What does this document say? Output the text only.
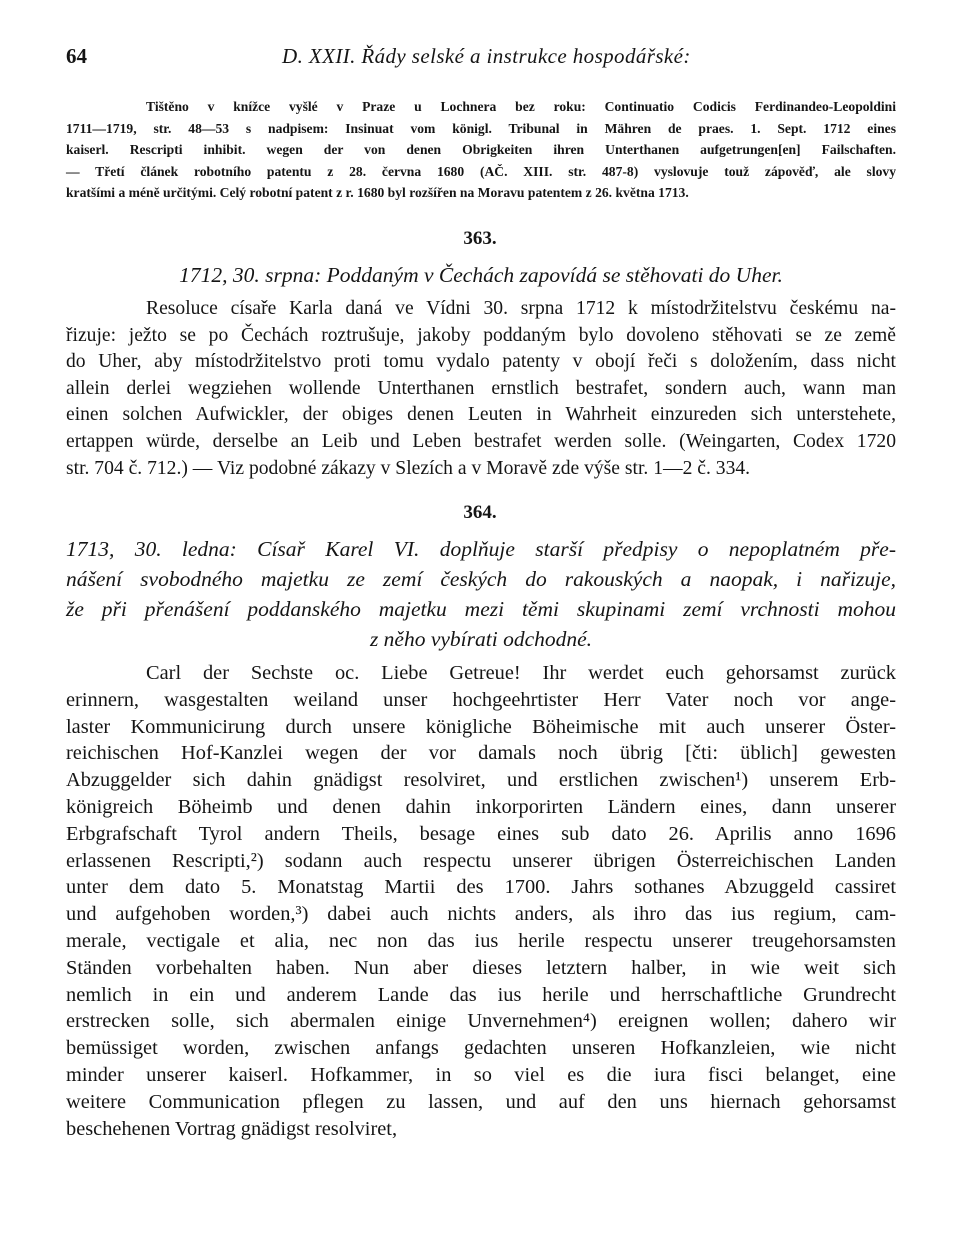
64	D. XXII. Řády selské a instrukce hospodářské:
Tištěno v knížce vyšlé v Praze u Lochnera bez roku: Continuatio Codicis Ferdinandeo-Leopoldini
1711—1719, str. 48—53 s nadpisem: Insinuat vom königl. Tribunal in Mähren de praes. 1. Sept. 1712 eines
kaiserl. Rescripti inhibit. wegen der von denen Obrigkeiten ihren Unterthanen aufgetrungen[en] Failschaften.
— Třetí článek robotního patentu z 28. června 1680 (AČ. XIII. str. 487-8) vyslovuje touž zápověď, ale slovy
kratšími a méně určitými. Celý robotní patent z r. 1680 byl rozšířen na Moravu patentem z 26. května 1713.
363.
1712, 30. srpna: Poddaným v Čechách zapovídá se stěhovati do Uher.
Resoluce císaře Karla daná ve Vídni 30. srpna 1712 k místodržitelstvu českému na-
řizuje: ježto se po Čechách roztrušuje, jakoby poddaným bylo dovoleno stěhovati se ze země
do Uher, aby místodržitelstvo proti tomu vydalo patenty v obojí řeči s doložením, dass nicht
allein derlei wegziehen wollende Unterthanen ernstlich bestrafet, sondern auch, wann man
einen solchen Aufwickler, der obiges denen Leuten in Wahrheit einzureden sich unterstehete,
ertappen würde, derselbe an Leib und Leben bestrafet werden solle. (Weingarten, Codex 1720
str. 704 č. 712.) — Viz podobné zákazy v Slezích a v Moravě zde výše str. 1—2 č. 334.
364.
1713, 30. ledna: Císař Karel VI. doplňuje starší předpisy o nepoplatném pře-
nášení svobodného majetku ze zemí českých do rakouských a naopak, i nařizuje,
že při přenášení poddanského majetku mezi těmi skupinami zemí vrchnosti mohou
z něho vybírati odchodné.
Carl der Sechste oc. Liebe Getreue! Ihr werdet euch gehorsamst zurück
erinnern, wasgestalten weiland unser hochgeehrtister Herr Vater noch vor ange-
laster Kommunicirung durch unsere königliche Böheimische mit auch unserer Öster-
reichischen Hof-Kanzlei wegen der vor damals noch übrig [čti: üblich] gewesten
Abzuggelder sich dahin gnädigst resolviret, und erstlichen zwischen¹) unserem Erb-
königreich Böheimb und denen dahin inkorporirten Ländern eines, dann unserer
Erbgrafschaft Tyrol andern Theils, besage eines sub dato 26. Aprilis anno 1696
erlassenen Rescripti,²) sodann auch respectu unserer übrigen Österreichischen Landen
unter dem dato 5. Monatstag Martii des 1700. Jahrs sothanes Abzuggeld cassiret
und aufgehoben worden,³) dabei auch nichts anders, als ihro das ius regium, cam-
merale, vectigale et alia, nec non das ius herile respectu unserer treugehorsamsten
Ständen vorbehalten haben. Nun aber dieses letztern halber, in wie weit sich
nemlich in ein und anderem Lande das ius herile und herrschaftliche Grundrecht
erstrecken solle, sich abermalen einige Unvernehmen⁴) ereignen wollen; dahero wir
bemüssiget worden, zwischen anfangs gedachten unseren Hofkanzleien, wie nicht
minder unserer kaiserl. Hofkammer, in so viel es die iura fisci belanget, eine
weitere Communication pflegen zu lassen, und auf den uns hiernach gehorsamst
beschehenen Vortrag gnädigst resolviret,
